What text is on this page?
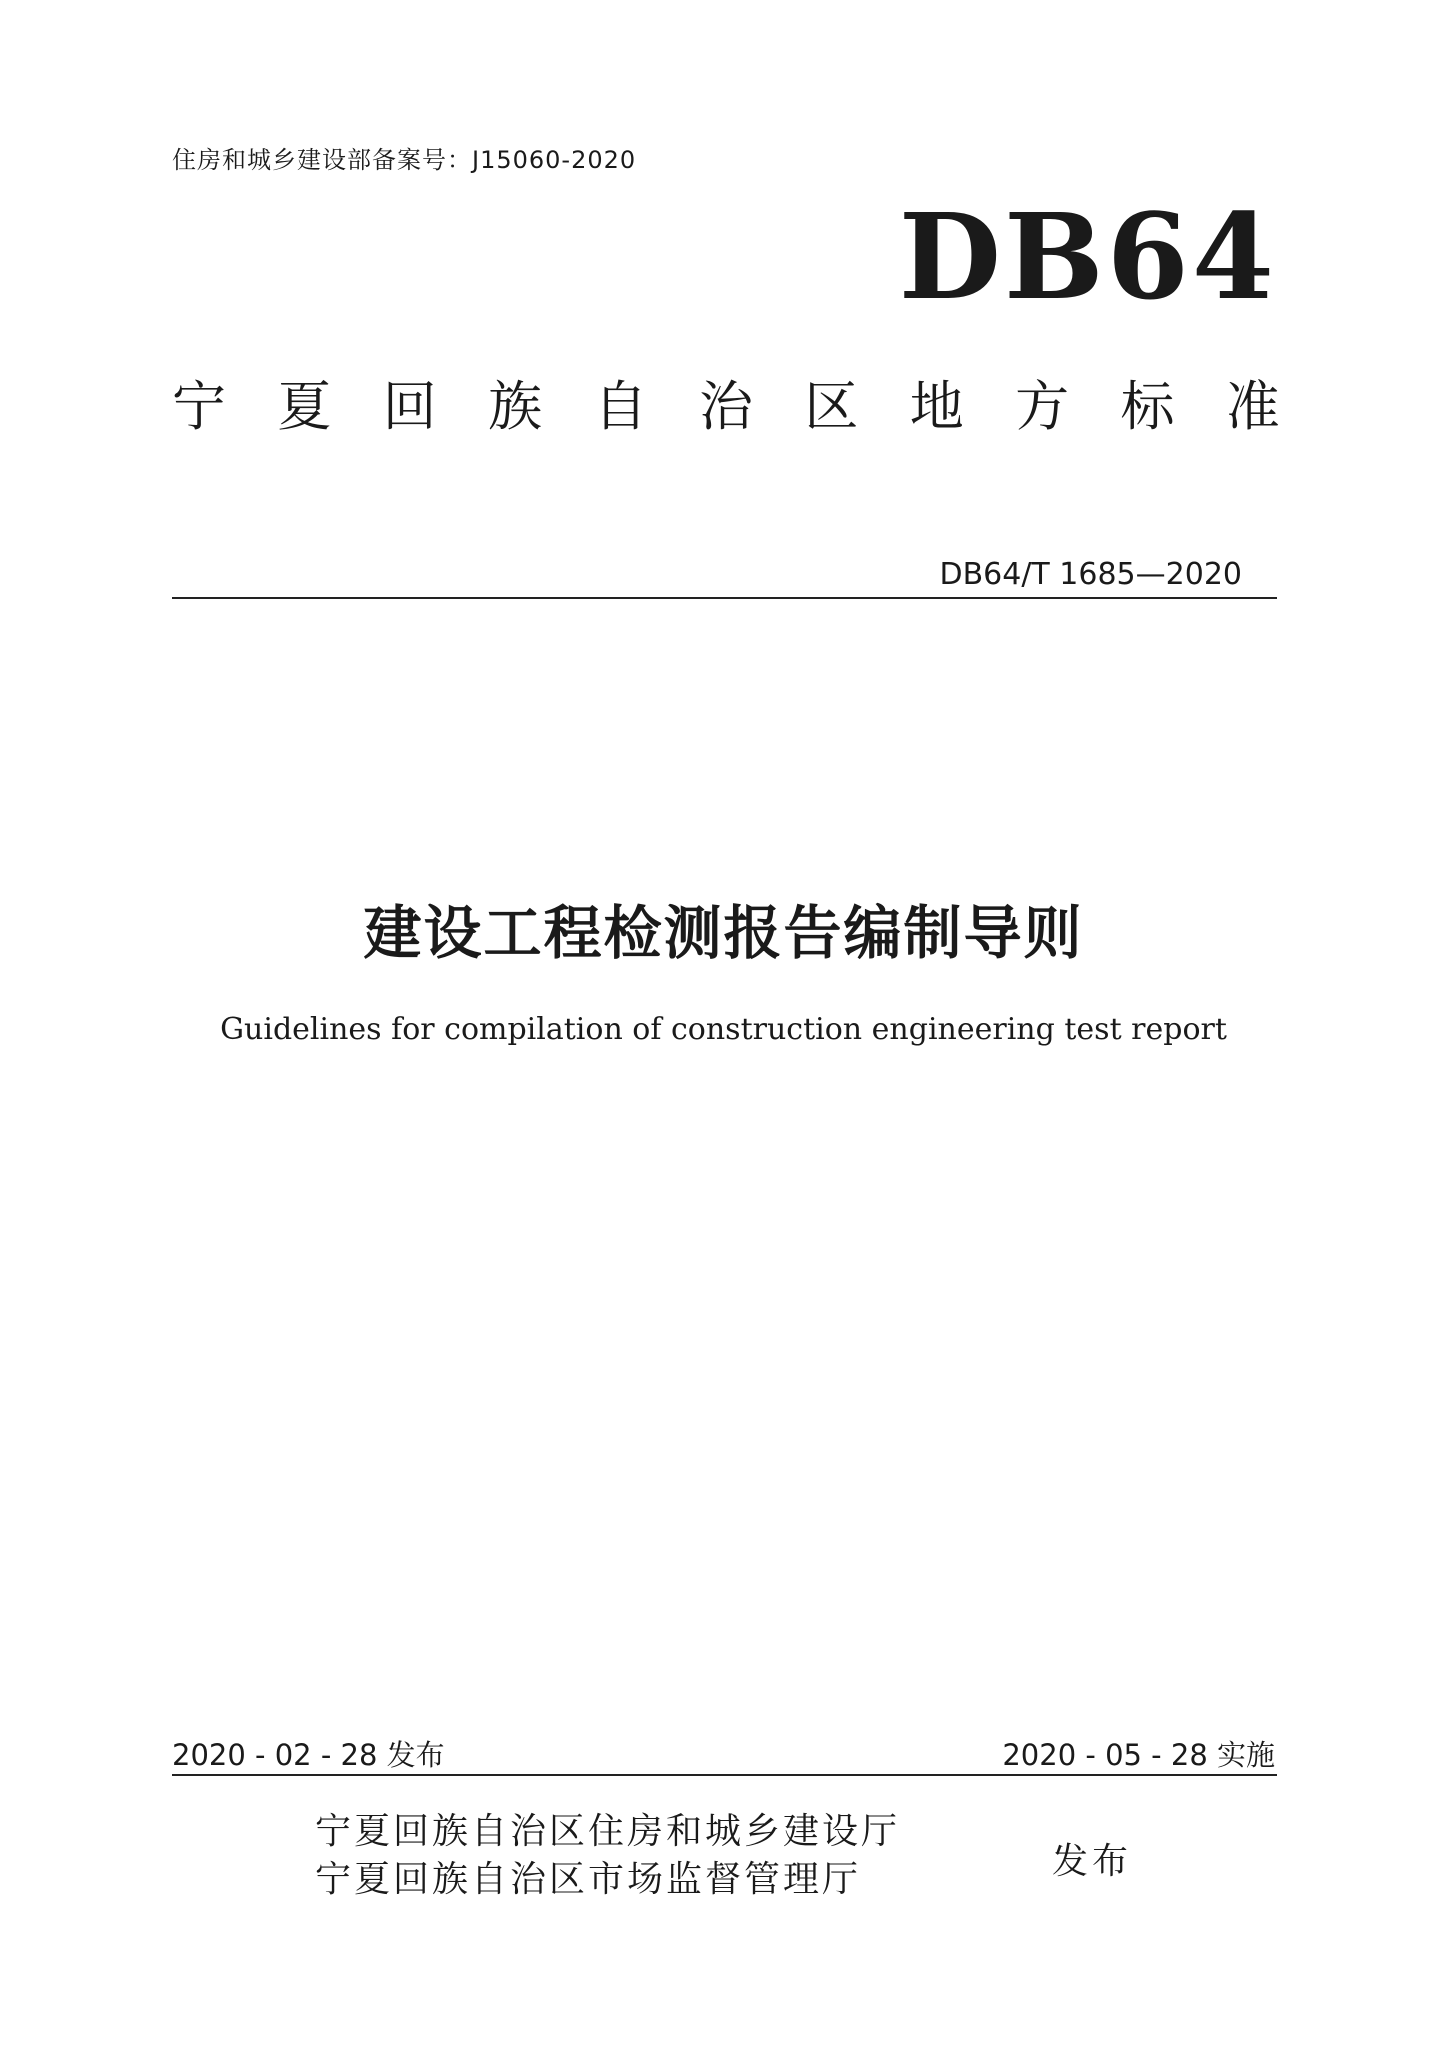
住房和城乡建设部备案号：J15060-2020
DB64
宁 夏 回 族 自 治 区 地 方 标 准
DB64/T 1685—2020
建设工程检测报告编制导则
Guidelines for compilation of construction engineering test report
2020 - 02 - 28 发布	2020 - 05 - 28 实施
宁夏回族自治区住房和城乡建设厅
宁夏回族自治区市场监督管理厅	发布
